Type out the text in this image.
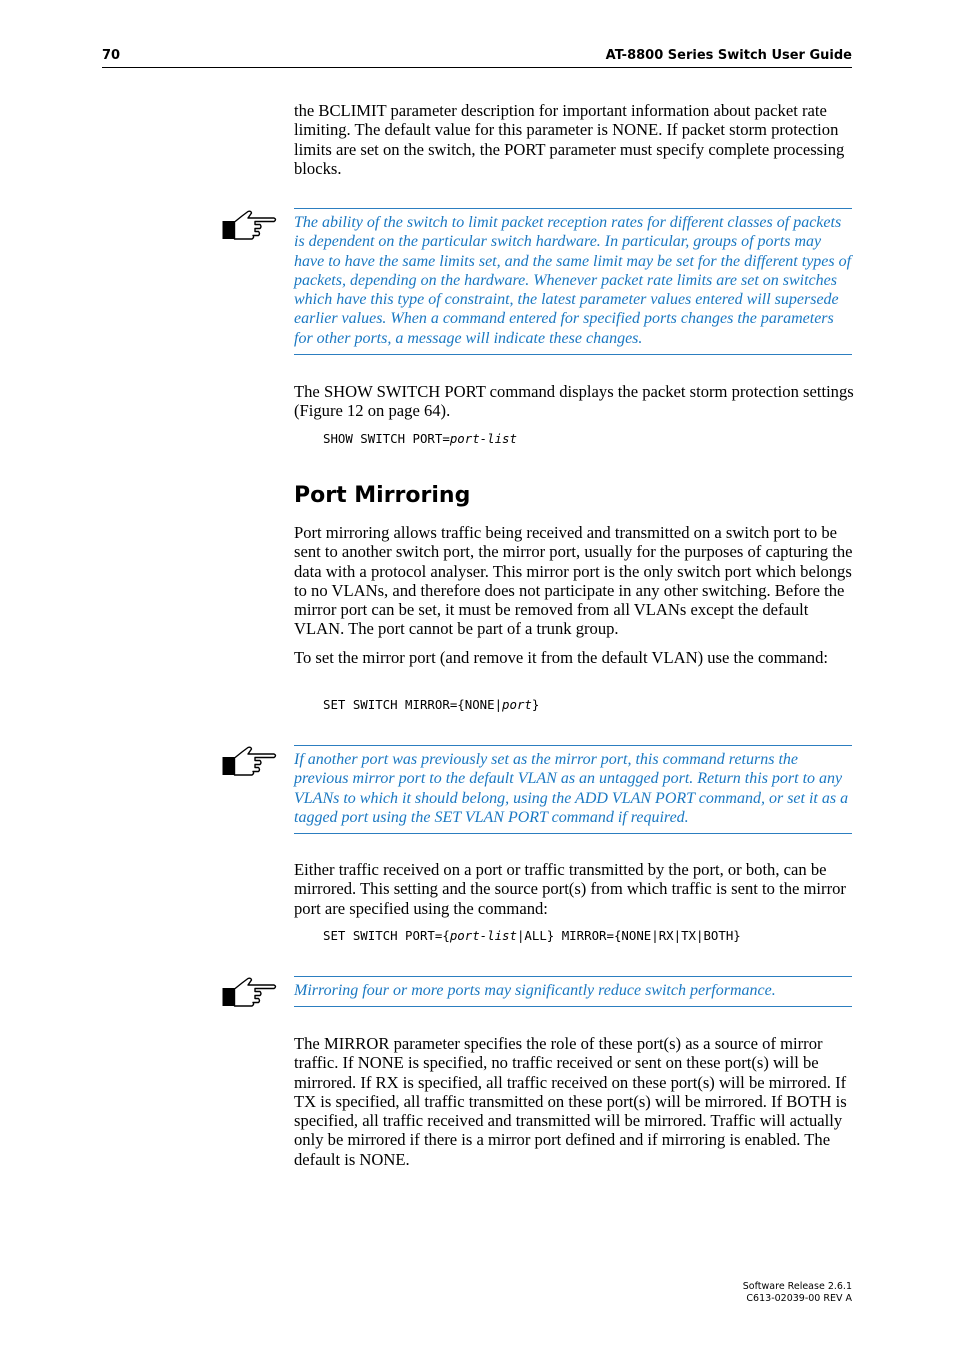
70	AT-8800 Series Switch User Guide

the BCLIMIT parameter description for important information about packet rate limiting. The default value for this parameter is NONE. If packet storm protection limits are set on the switch, the PORT parameter must specify complete processing blocks.

The ability of the switch to limit packet reception rates for different classes of packets is dependent on the particular switch hardware. In particular, groups of ports may have to have the same limits set, and the same limit may be set for the different types of packets, depending on the hardware. Whenever packet rate limits are set on switches which have this type of constraint, the latest parameter values entered will supersede earlier values. When a command entered for specified ports changes the parameters for other ports, a message will indicate these changes.

The SHOW SWITCH PORT command displays the packet storm protection settings (Figure 12 on page 64).

SHOW SWITCH PORT=port-list
Port Mirroring

Port mirroring allows traffic being received and transmitted on a switch port to be sent to another switch port, the mirror port, usually for the purposes of capturing the data with a protocol analyser. This mirror port is the only switch port which belongs to no VLANs, and therefore does not participate in any other switching. Before the mirror port can be set, it must be removed from all VLANs except the default VLAN. The port cannot be part of a trunk group.

To set the mirror port (and remove it from the default VLAN) use the command:

SET SWITCH MIRROR={NONE|port}
If another port was previously set as the mirror port, this command returns the previous mirror port to the default VLAN as an untagged port. Return this port to any VLANs to which it should belong, using the ADD VLAN PORT command, or set it as a tagged port using the SET VLAN PORT command if required.

Either traffic received on a port or traffic transmitted by the port, or both, can be mirrored. This setting and the source port(s) from which traffic is sent to the mirror port are specified using the command:

SET SWITCH PORT={port-list|ALL} MIRROR={NONE|RX|TX|BOTH}
Mirroring four or more ports may significantly reduce switch performance.

The MIRROR parameter specifies the role of these port(s) as a source of mirror traffic. If NONE is specified, no traffic received or sent on these port(s) will be mirrored. If RX is specified, all traffic received on these port(s) will be mirrored. If TX is specified, all traffic transmitted on these port(s) will be mirrored. If BOTH is specified, all traffic received and transmitted will be mirrored. Traffic will actually only be mirrored if there is a mirror port defined and if mirroring is enabled. The default is NONE.

Software Release 2.6.1
C613-02039-00 REV A
